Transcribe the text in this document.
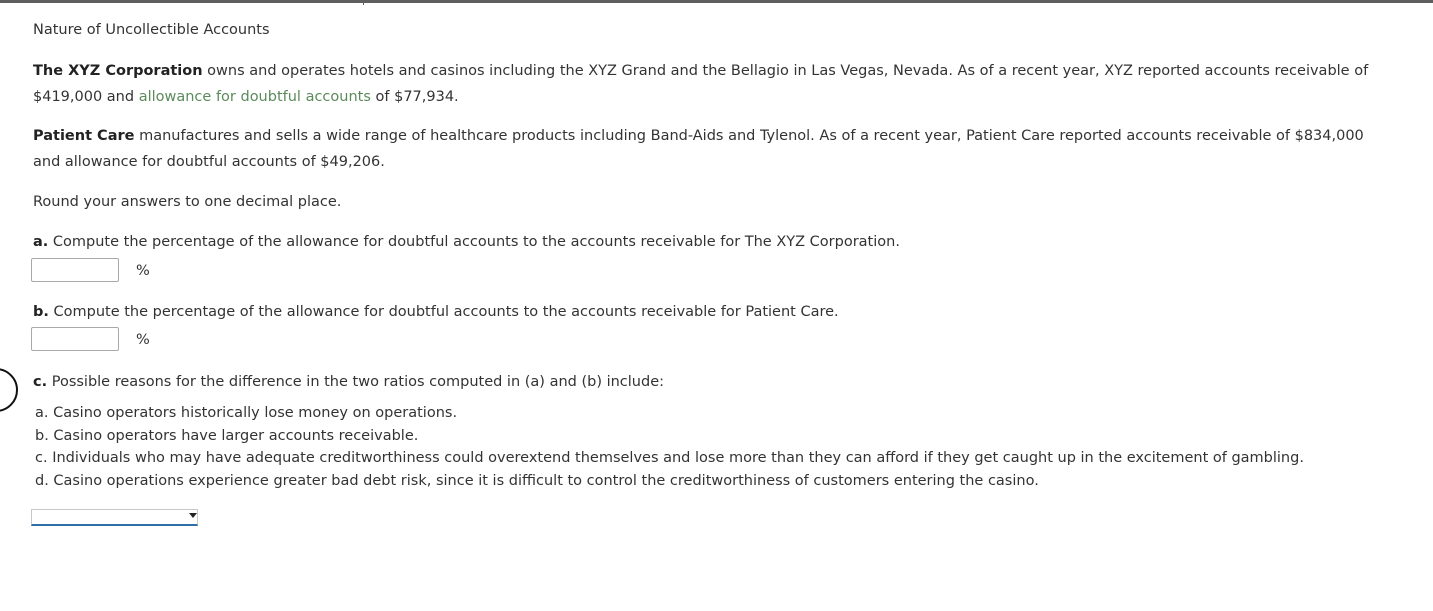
Nature of Uncollectible Accounts
The XYZ Corporation owns and operates hotels and casinos including the XYZ Grand and the Bellagio in Las Vegas, Nevada. As of a recent year, XYZ reported accounts receivable of
$419,000 and allowance for doubtful accounts of $77,934.
Patient Care manufactures and sells a wide range of healthcare products including Band-Aids and Tylenol. As of a recent year, Patient Care reported accounts receivable of $834,000
and allowance for doubtful accounts of $49,206.
Round your answers to one decimal place.
a. Compute the percentage of the allowance for doubtful accounts to the accounts receivable for The XYZ Corporation.
%
b. Compute the percentage of the allowance for doubtful accounts to the accounts receivable for Patient Care.
%
c. Possible reasons for the difference in the two ratios computed in (a) and (b) include:
a. Casino operators historically lose money on operations.
b. Casino operators have larger accounts receivable.
c. Individuals who may have adequate creditworthiness could overextend themselves and lose more than they can afford if they get caught up in the excitement of gambling.
d. Casino operations experience greater bad debt risk, since it is difficult to control the creditworthiness of customers entering the casino.
